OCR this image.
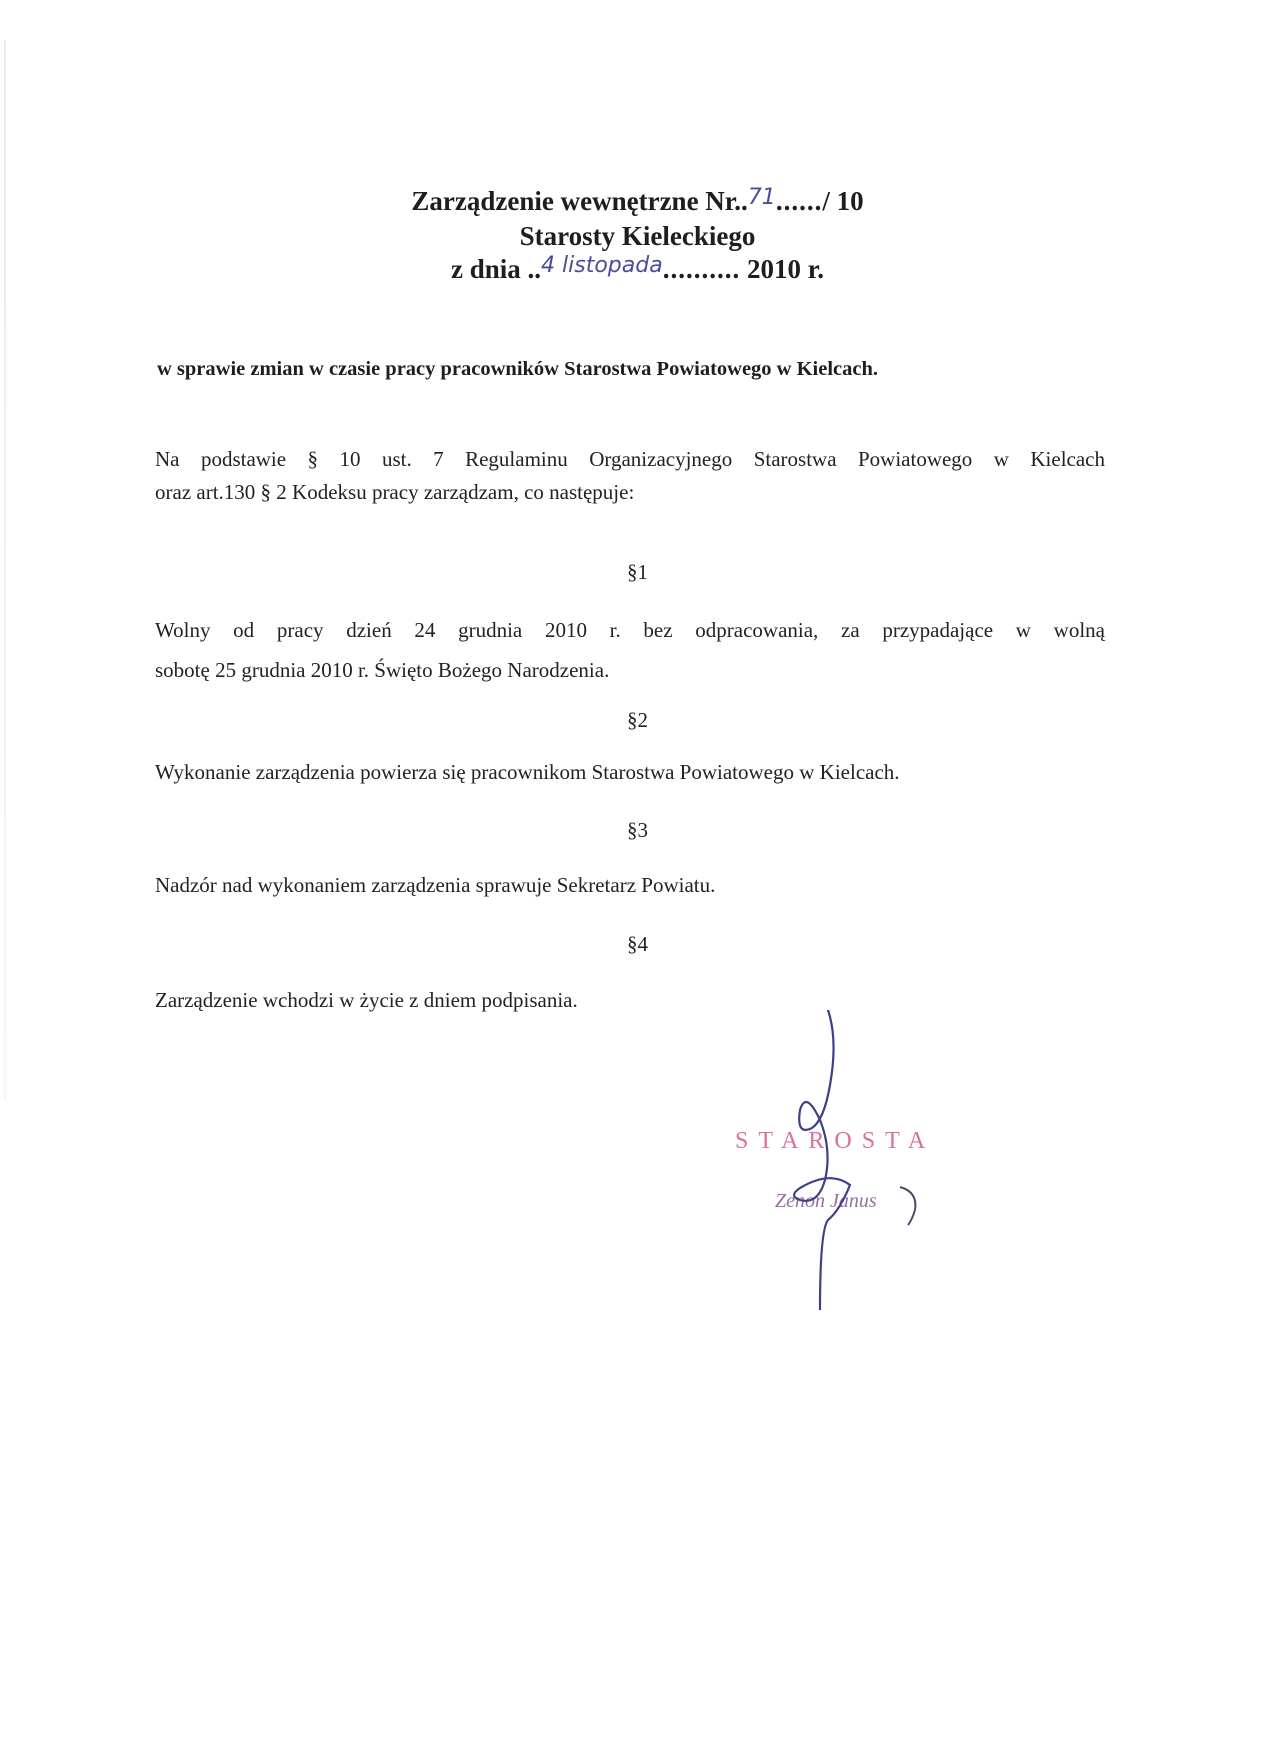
Zarządzenie wewnętrzne Nr..$^{71}$....../ 10
Starosty Kieleckiego
z dnia ..$^{4 listopada}$.......... 2010 r.
w sprawie zmian w czasie pracy pracowników Starostwa Powiatowego w Kielcach.
Na podstawie § 10 ust. 7 Regulaminu Organizacyjnego Starostwa Powiatowego w Kielcach
oraz art.130 § 2 Kodeksu pracy zarządzam, co następuje:
§1
Wolny od pracy dzień 24 grudnia 2010 r. bez odpracowania, za przypadające w wolną
sobotę 25 grudnia 2010 r. Święto Bożego Narodzenia.
§2
Wykonanie zarządzenia powierza się pracownikom Starostwa Powiatowego w Kielcach.
§3
Nadzór nad wykonaniem zarządzenia sprawuje Sekretarz Powiatu.
§4
Zarządzenie wchodzi w życie z dniem podpisania.
STAROSTA
Zenon Janus
